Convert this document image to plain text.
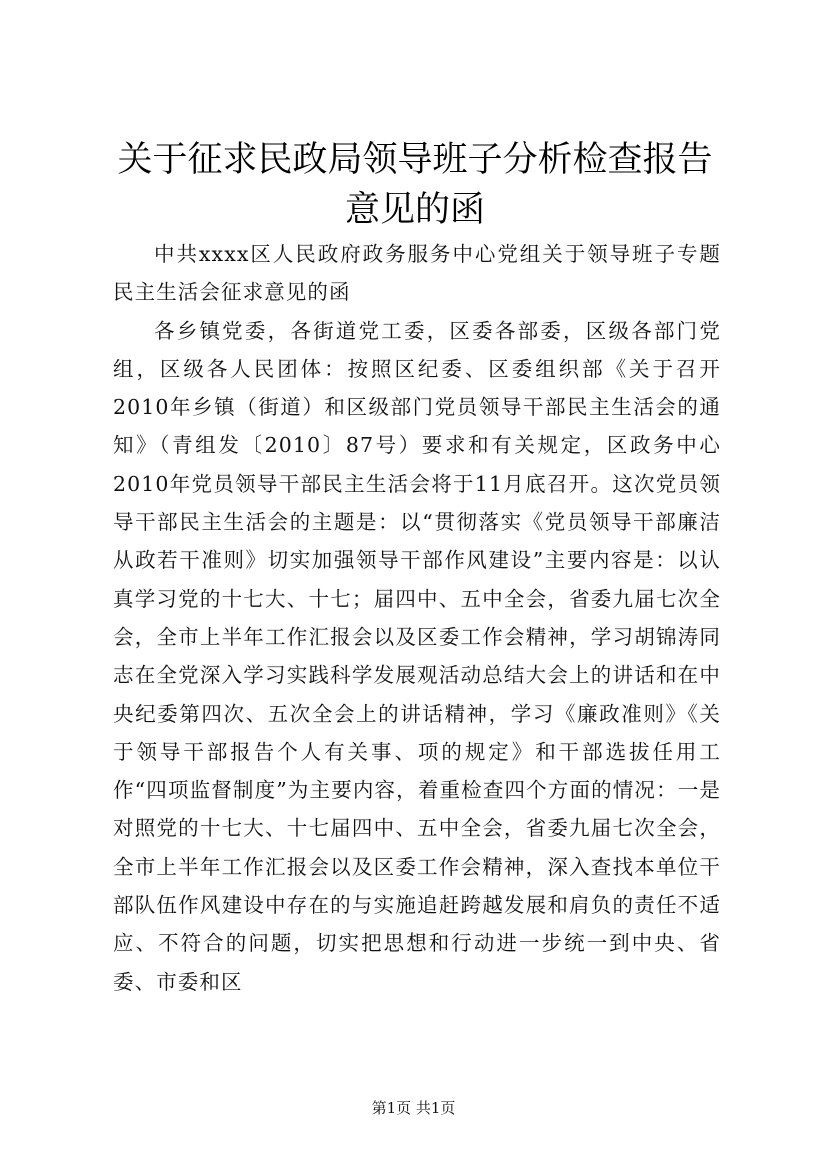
关于征求民政局领导班子分析检查报告意见的函

中共xxxx区人民政府政务服务中心党组关于领导班子专题民主生活会征求意见的函

各乡镇党委，各街道党工委，区委各部委，区级各部门党组，区级各人民团体：按照区纪委、区委组织部《关于召开2010年乡镇（街道）和区级部门党员领导干部民主生活会的通知》（青组发〔2010〕87号）要求和有关规定，区政务中心2010年党员领导干部民主生活会将于11月底召开。这次党员领导干部民主生活会的主题是：以“贯彻落实《党员领导干部廉洁从政若干准则》切实加强领导干部作风建设”主要内容是：以认真学习党的十七大、十七；届四中、五中全会，省委九届七次全会，全市上半年工作汇报会以及区委工作会精神，学习胡锦涛同志在全党深入学习实践科学发展观活动总结大会上的讲话和在中央纪委第四次、五次全会上的讲话精神，学习《廉政准则》《关于领导干部报告个人有关事、项的规定》和干部选拔任用工作“四项监督制度”为主要内容，着重检查四个方面的情况：一是对照党的十七大、十七届四中、五中全会，省委九届七次全会，全市上半年工作汇报会以及区委工作会精神，深入查找本单位干部队伍作风建设中存在的与实施追赶跨越发展和肩负的责任不适应、不符合的问题，切实把思想和行动进一步统一到中央、省委、市委和区

第1页 共1页
